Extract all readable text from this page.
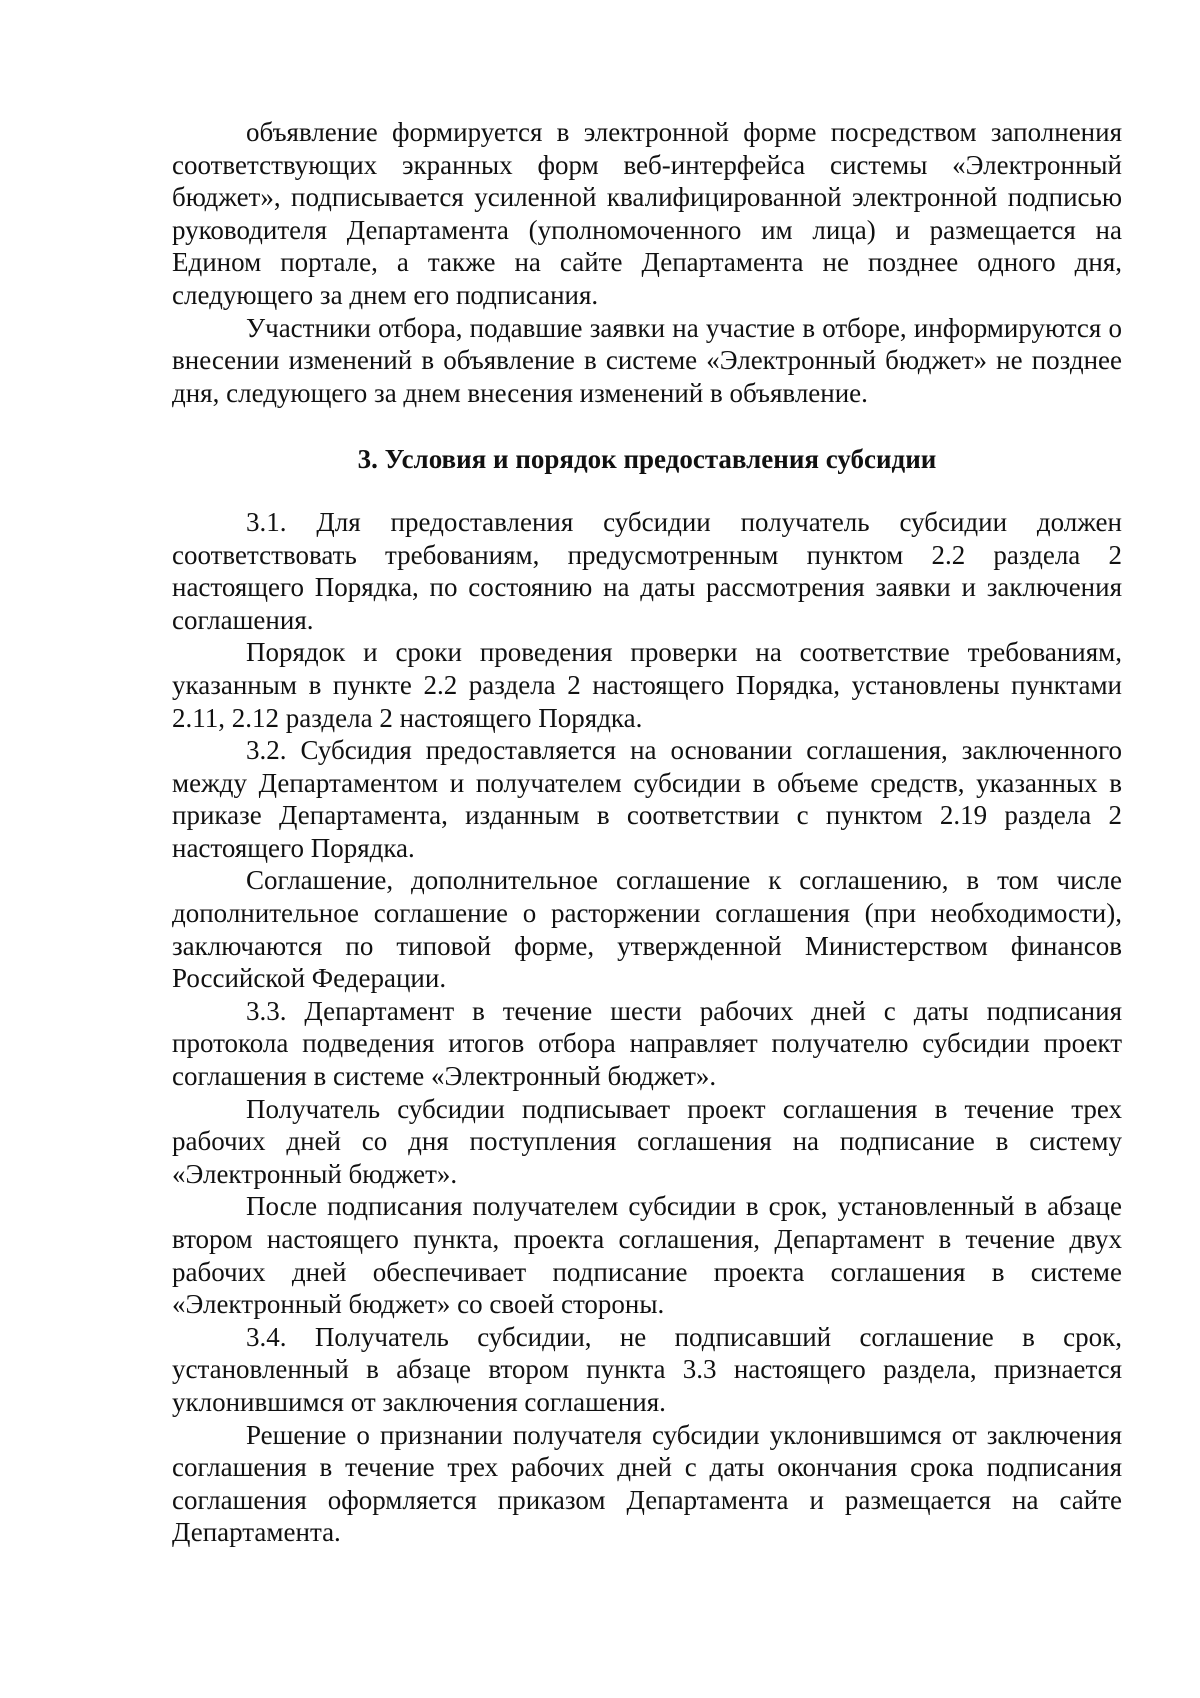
объявление формируется в электронной форме посредством заполнения соответствующих экранных форм веб-интерфейса системы «Электронный бюджет», подписывается усиленной квалифицированной электронной подписью руководителя Департамента (уполномоченного им лица) и размещается на Едином портале, а также на сайте Департамента не позднее одного дня, следующего за днем его подписания.

Участники отбора, подавшие заявки на участие в отборе, информируются о внесении изменений в объявление в системе «Электронный бюджет» не позднее дня, следующего за днем внесения изменений в объявление.

3. Условия и порядок предоставления субсидии

3.1. Для предоставления субсидии получатель субсидии должен соответствовать требованиям, предусмотренным пунктом 2.2 раздела 2 настоящего Порядка, по состоянию на даты рассмотрения заявки и заключения соглашения.

Порядок и сроки проведения проверки на соответствие требованиям, указанным в пункте 2.2 раздела 2 настоящего Порядка, установлены пунктами 2.11, 2.12 раздела 2 настоящего Порядка.

3.2. Субсидия предоставляется на основании соглашения, заключенного между Департаментом и получателем субсидии в объеме средств, указанных в приказе Департамента, изданным в соответствии с пунктом 2.19 раздела 2 настоящего Порядка.

Соглашение, дополнительное соглашение к соглашению, в том числе дополнительное соглашение о расторжении соглашения (при необходимости), заключаются по типовой форме, утвержденной Министерством финансов Российской Федерации.

3.3. Департамент в течение шести рабочих дней с даты подписания протокола подведения итогов отбора направляет получателю субсидии проект соглашения в системе «Электронный бюджет».

Получатель субсидии подписывает проект соглашения в течение трех рабочих дней со дня поступления соглашения на подписание в систему «Электронный бюджет».

После подписания получателем субсидии в срок, установленный в абзаце втором настоящего пункта, проекта соглашения, Департамент в течение двух рабочих дней обеспечивает подписание проекта соглашения в системе «Электронный бюджет» со своей стороны.

3.4. Получатель субсидии, не подписавший соглашение в срок, установленный в абзаце втором пункта 3.3 настоящего раздела, признается уклонившимся от заключения соглашения.

Решение о признании получателя субсидии уклонившимся от заключения соглашения в течение трех рабочих дней с даты окончания срока подписания соглашения оформляется приказом Департамента и размещается на сайте Департамента.
